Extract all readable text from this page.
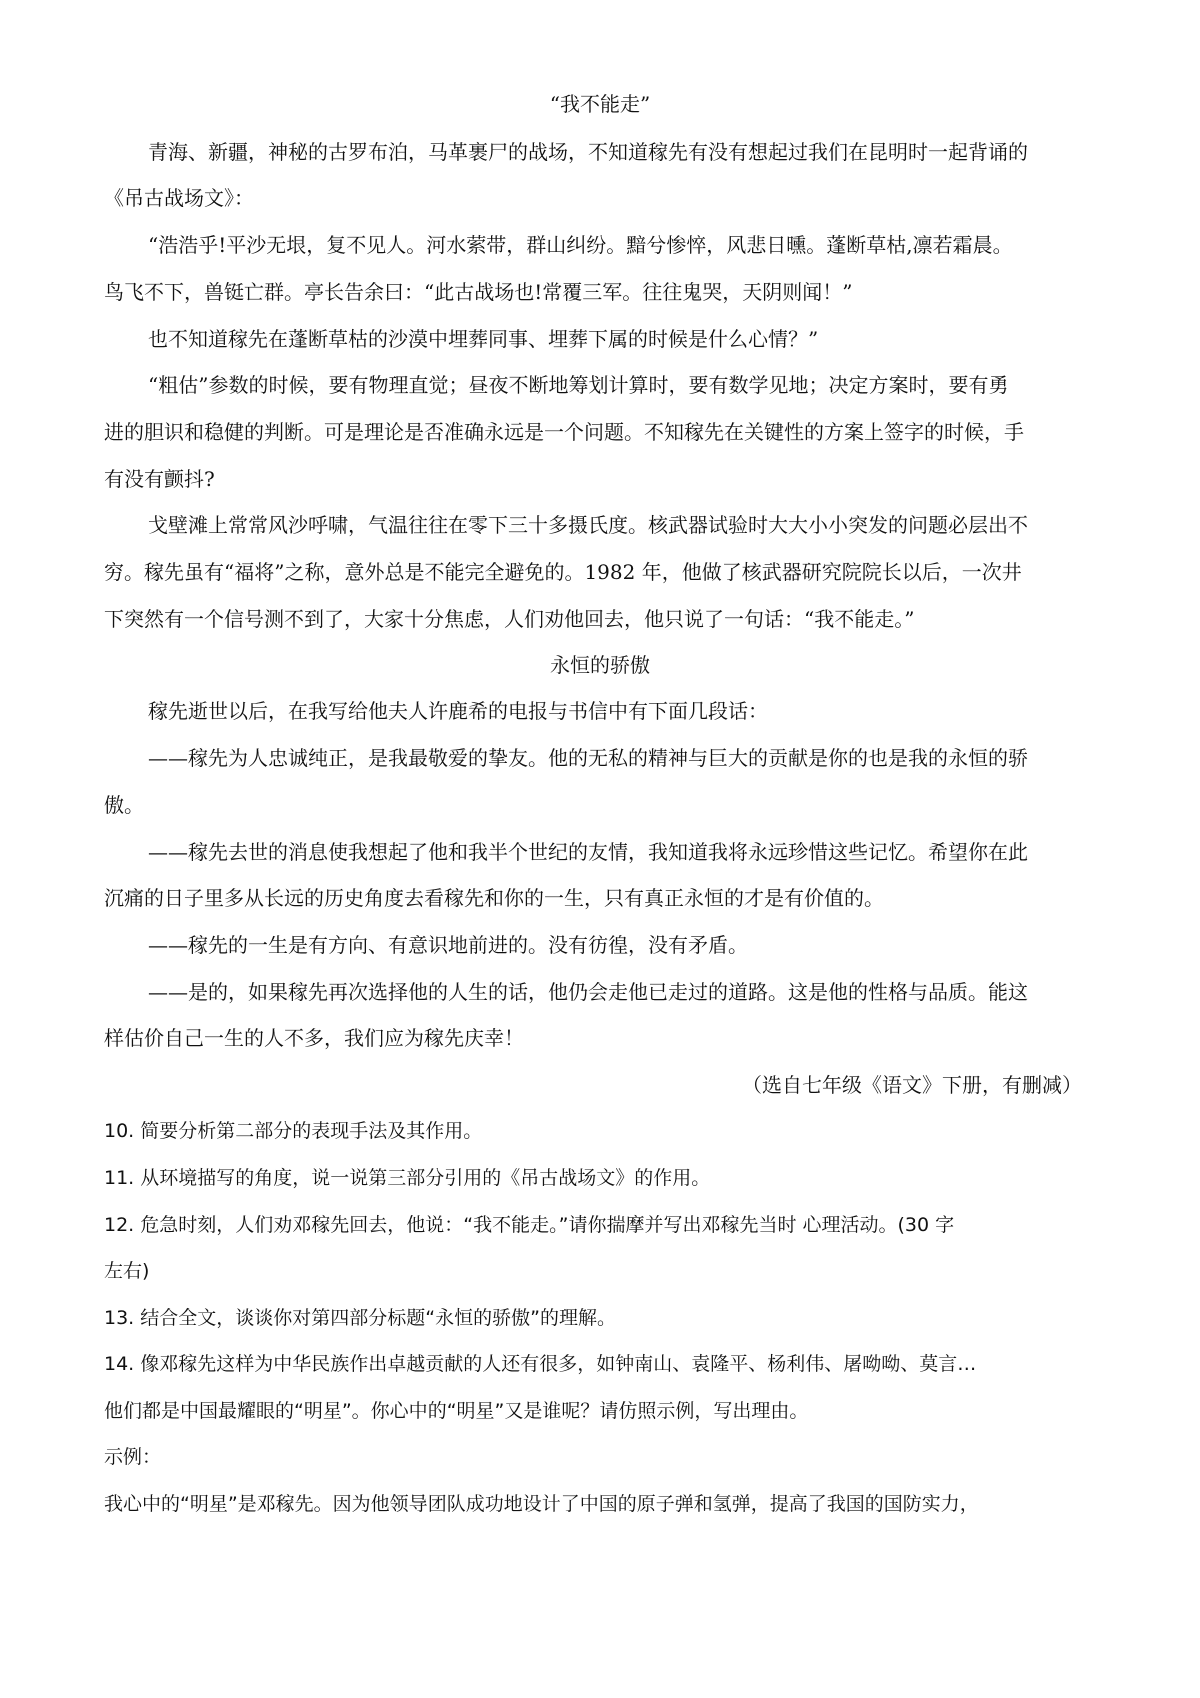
“我不能走”
青海、新疆，神秘的古罗布泊，马革裹尸的战场，不知道稼先有没有想起过我们在昆明时一起背诵的
《吊古战场文》：
“浩浩乎!平沙无垠，复不见人。河水萦带，群山纠纷。黯兮惨悴，风悲日曛。蓬断草枯,凛若霜晨。
鸟飞不下，兽铤亡群。亭长告余曰：“此古战场也!常覆三军。往往鬼哭，天阴则闻！”
也不知道稼先在蓬断草枯的沙漠中埋葬同事、埋葬下属的时候是什么心情？”
“粗估”参数的时候，要有物理直觉；昼夜不断地筹划计算时，要有数学见地；决定方案时，要有勇
进的胆识和稳健的判断。可是理论是否准确永远是一个问题。不知稼先在关键性的方案上签字的时候，手
有没有颤抖?
戈壁滩上常常风沙呼啸，气温往往在零下三十多摄氏度。核武器试验时大大小小突发的问题必层出不
穷。稼先虽有“福将”之称，意外总是不能完全避免的。1982 年，他做了核武器研究院院长以后，一次井
下突然有一个信号测不到了，大家十分焦虑，人们劝他回去，他只说了一句话：“我不能走。”
永恒的骄傲
稼先逝世以后，在我写给他夫人许鹿希的电报与书信中有下面几段话：
——稼先为人忠诚纯正，是我最敬爱的挚友。他的无私的精神与巨大的贡献是你的也是我的永恒的骄
傲。
——稼先去世的消息使我想起了他和我半个世纪的友情，我知道我将永远珍惜这些记忆。希望你在此
沉痛的日子里多从长远的历史角度去看稼先和你的一生，只有真正永恒的才是有价值的。
——稼先的一生是有方向、有意识地前进的。没有彷徨，没有矛盾。
——是的，如果稼先再次选择他的人生的话，他仍会走他已走过的道路。这是他的性格与品质。能这
样估价自己一生的人不多，我们应为稼先庆幸！
（选自七年级《语文》下册，有删减）
10. 简要分析第二部分的表现手法及其作用。
11. 从环境描写的角度，说一说第三部分引用的《吊古战场文》的作用。
12. 危急时刻，人们劝邓稼先回去，他说：“我不能走。”请你揣摩并写出邓稼先当时 心理活动。(30 字
左右)
13. 结合全文，谈谈你对第四部分标题“永恒的骄傲”的理解。
14. 像邓稼先这样为中华民族作出卓越贡献的人还有很多，如钟南山、袁隆平、杨利伟、屠呦呦、莫言…
他们都是中国最耀眼的“明星”。你心中的“明星”又是谁呢？请仿照示例，写出理由。
示例：
我心中的“明星”是邓稼先。因为他领导团队成功地设计了中国的原子弹和氢弹，提高了我国的国防实力，
